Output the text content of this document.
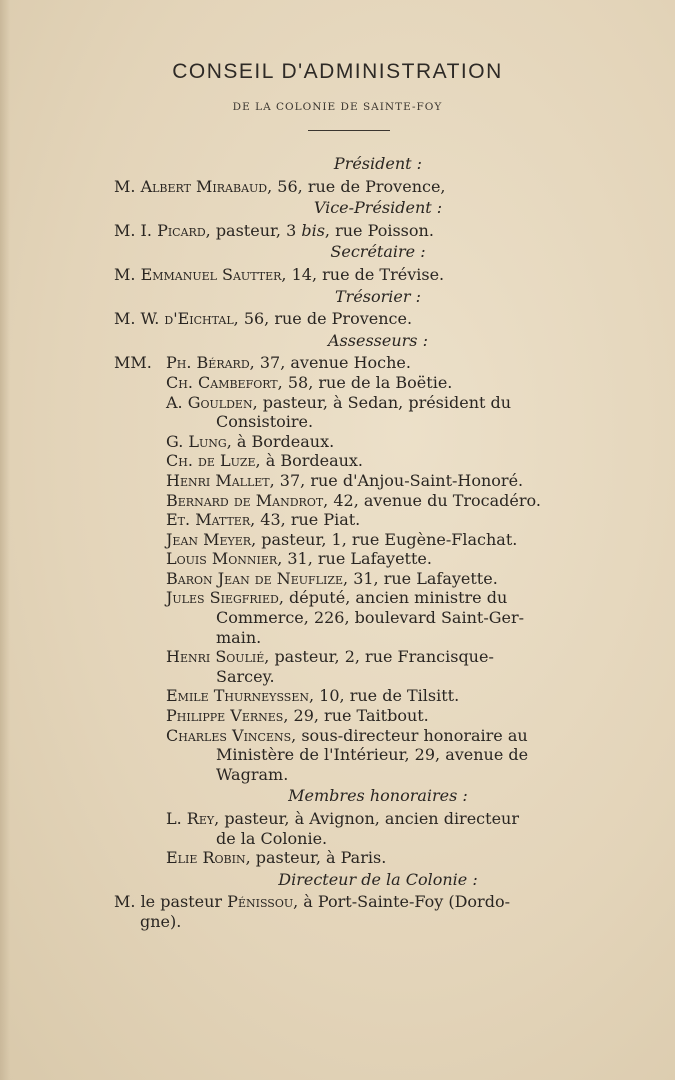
CONSEIL D'ADMINISTRATION
DE LA COLONIE DE SAINTE-FOY
Président :
M. Albert Mirabaud, 56, rue de Provence,
Vice-Président :
M. I. Picard, pasteur, 3 bis, rue Poisson.
Secrétaire :
M. Emmanuel Sautter, 14, rue de Trévise.
Trésorier :
M. W. d'Eichtal, 56, rue de Provence.
Assesseurs :
MM. Ph. Bérard, 37, avenue Hoche.
Ch. Cambefort, 58, rue de la Boëtie.
A. Goulden, pasteur, à Sedan, président du
Consistoire.
G. Lung, à Bordeaux.
Ch. de Luze, à Bordeaux.
Henri Mallet, 37, rue d'Anjou-Saint-Honoré.
Bernard de Mandrot, 42, avenue du Trocadéro.
Et. Matter, 43, rue Piat.
Jean Meyer, pasteur, 1, rue Eugène-Flachat.
Louis Monnier, 31, rue Lafayette.
Baron Jean de Neuflize, 31, rue Lafayette.
Jules Siegfried, député, ancien ministre du
Commerce, 226, boulevard Saint-Ger-
main.
Henri Soulié, pasteur, 2, rue Francisque-
Sarcey.
Emile Thurneyssen, 10, rue de Tilsitt.
Philippe Vernes, 29, rue Taitbout.
Charles Vincens, sous-directeur honoraire au
Ministère de l'Intérieur, 29, avenue de
Wagram.
Membres honoraires :
L. Rey, pasteur, à Avignon, ancien directeur
de la Colonie.
Elie Robin, pasteur, à Paris.
Directeur de la Colonie :
M. le pasteur Pénissou, à Port-Sainte-Foy (Dordo-
gne).
